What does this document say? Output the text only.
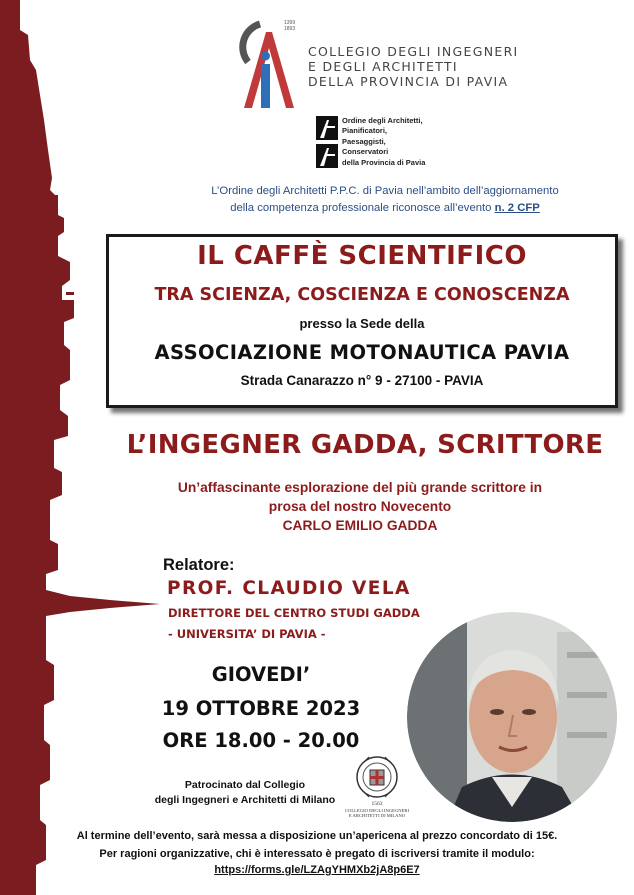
1399
1893
COLLEGIO DEGLI INGEGNERI
E DEGLI ARCHITETTI
DELLA PROVINCIA DI PAVIA
Ordine degli Architetti,
Pianificatori,
Paesaggisti,
Conservatori
della Provincia di Pavia
L’Ordine degli Architetti P.P.C. di Pavia nell’ambito dell’aggiornamento
della competenza professionale riconosce all’evento n. 2 CFP
IL CAFFÈ SCIENTIFICO
TRA SCIENZA, COSCIENZA E CONOSCENZA
presso la Sede della
ASSOCIAZIONE MOTONAUTICA PAVIA
Strada Canarazzo n° 9 - 27100 - PAVIA
L’INGEGNER GADDA, SCRITTORE
Un’affascinante esplorazione del più grande scrittore in
prosa del nostro Novecento
CARLO EMILIO GADDA
Relatore:
PROF. CLAUDIO VELA
DIRETTORE DEL CENTRO STUDI GADDA
- UNIVERSITA’ DI PAVIA -
GIOVEDI’
19 OTTOBRE 2023
ORE 18.00 - 20.00
Patrocinato dal Collegio
degli Ingegneri e Architetti di Milano	1563
COLLEGIO DEGLI INGEGNERI
E ARCHITETTI DI MILANO
Al termine dell’evento, sarà messa a disposizione un’apericena al prezzo concordato di 15€.
Per ragioni organizzative, chi è interessato è pregato di iscriversi tramite il modulo:
https://forms.gle/LZAgYHMXb2jA8p6E7
